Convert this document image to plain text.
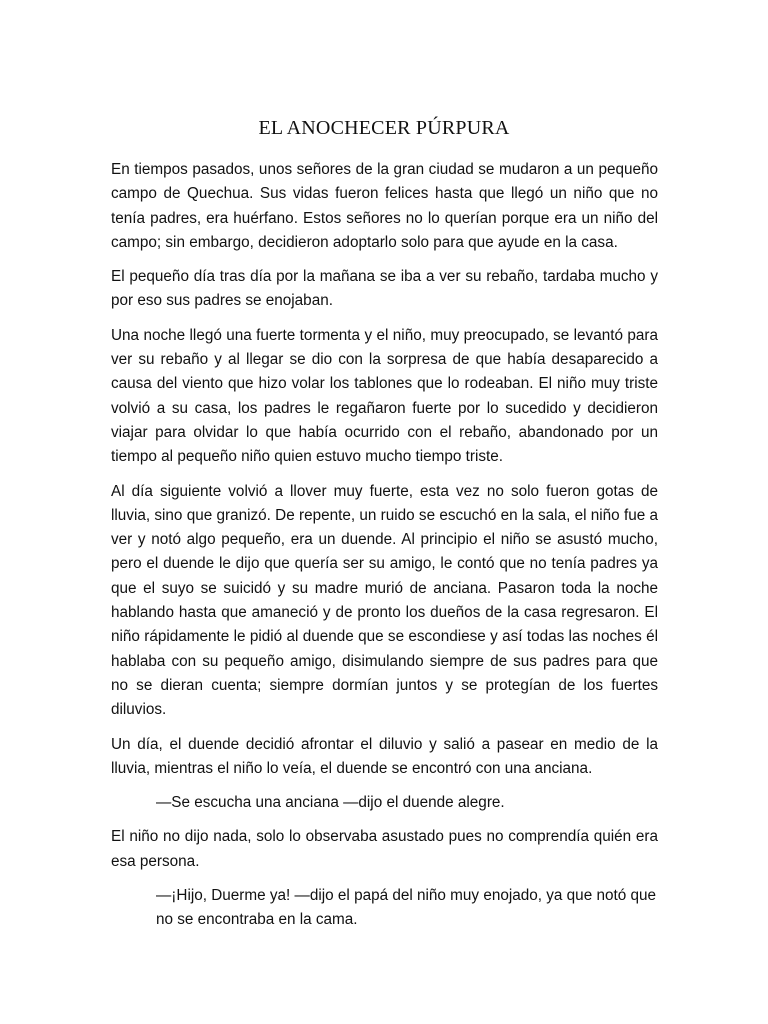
EL ANOCHECER PÚRPURA

En tiempos pasados, unos señores de la gran ciudad se mudaron a un pequeño campo de Quechua. Sus vidas fueron felices hasta que llegó un niño que no tenía padres, era huérfano. Estos señores no lo querían porque era un niño del campo; sin embargo, decidieron adoptarlo solo para que ayude en la casa.

El pequeño día tras día por la mañana se iba a ver su rebaño, tardaba mucho y por eso sus padres se enojaban.

Una noche llegó una fuerte tormenta y el niño, muy preocupado, se levantó para ver su rebaño y al llegar se dio con la sorpresa de que había desaparecido a causa del viento que hizo volar los tablones que lo rodeaban. El niño muy triste volvió a su casa, los padres le regañaron fuerte por lo sucedido y decidieron viajar para olvidar lo que había ocurrido con el rebaño, abandonado por un tiempo al pequeño niño quien estuvo mucho tiempo triste.

Al día siguiente volvió a llover muy fuerte, esta vez no solo fueron gotas de lluvia, sino que granizó. De repente, un ruido se escuchó en la sala, el niño fue a ver y notó algo pequeño, era un duende. Al principio el niño se asustó mucho, pero el duende le dijo que quería ser su amigo, le contó que no tenía padres ya que el suyo se suicidó y su madre murió de anciana. Pasaron toda la noche hablando hasta que amaneció y de pronto los dueños de la casa regresaron. El niño rápidamente le pidió al duende que se escondiese y así todas las noches él hablaba con su pequeño amigo, disimulando siempre de sus padres para que no se dieran cuenta; siempre dormían juntos y se protegían de los fuertes diluvios.

Un día, el duende decidió afrontar el diluvio y salió a pasear en medio de la lluvia, mientras el niño lo veía, el duende se encontró con una anciana.

—Se escucha una anciana —dijo el duende alegre.

El niño no dijo nada, solo lo observaba asustado pues no comprendía quién era esa persona.

—¡Hijo, Duerme ya! —dijo el papá del niño muy enojado, ya que notó que no se encontraba en la cama.
